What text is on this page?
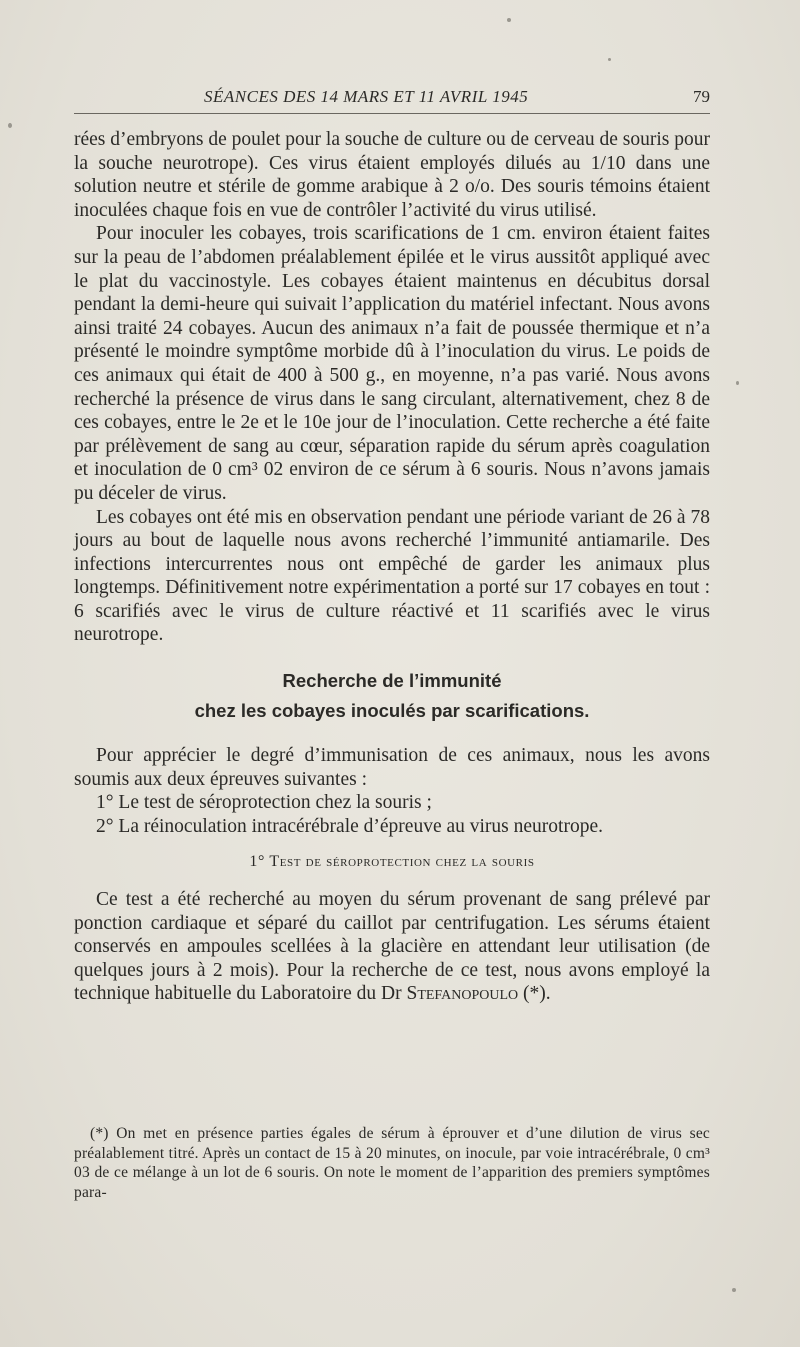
SÉANCES DES 14 MARS ET 11 AVRIL 1945	79

rées d’embryons de poulet pour la souche de culture ou de cerveau de souris pour la souche neurotrope). Ces virus étaient employés dilués au 1/10 dans une solution neutre et stérile de gomme arabique à 2 o/o. Des souris témoins étaient inoculées chaque fois en vue de contrôler l’activité du virus utilisé.

Pour inoculer les cobayes, trois scarifications de 1 cm. environ étaient faites sur la peau de l’abdomen préalablement épilée et le virus aussitôt appliqué avec le plat du vaccinostyle. Les cobayes étaient maintenus en décubitus dorsal pendant la demi-heure qui suivait l’application du matériel infectant. Nous avons ainsi traité 24 cobayes. Aucun des animaux n’a fait de poussée thermique et n’a présenté le moindre symptôme morbide dû à l’inoculation du virus. Le poids de ces animaux qui était de 400 à 500 g., en moyenne, n’a pas varié. Nous avons recherché la présence de virus dans le sang circulant, alternativement, chez 8 de ces cobayes, entre le 2e et le 10e jour de l’inoculation. Cette recherche a été faite par prélèvement de sang au cœur, séparation rapide du sérum après coagulation et inoculation de 0 cm³ 02 environ de ce sérum à 6 souris. Nous n’avons jamais pu déceler de virus.

Les cobayes ont été mis en observation pendant une période variant de 26 à 78 jours au bout de laquelle nous avons recherché l’immunité antiamarile. Des infections intercurrentes nous ont empêché de garder les animaux plus longtemps. Définitivement notre expérimentation a porté sur 17 cobayes en tout : 6 scarifiés avec le virus de culture réactivé et 11 scarifiés avec le virus neurotrope.

Recherche de l’immunité
chez les cobayes inoculés par scarifications.

Pour apprécier le degré d’immunisation de ces animaux, nous les avons soumis aux deux épreuves suivantes :

1° Le test de séroprotection chez la souris ;

2° La réinoculation intracérébrale d’épreuve au virus neurotrope.

1° Test de séroprotection chez la souris

Ce test a été recherché au moyen du sérum provenant de sang prélevé par ponction cardiaque et séparé du caillot par centrifugation. Les sérums étaient conservés en ampoules scellées à la glacière en attendant leur utilisation (de quelques jours à 2 mois). Pour la recherche de ce test, nous avons employé la technique habituelle du Laboratoire du Dr Stefanopoulo (*).

(*) On met en présence parties égales de sérum à éprouver et d’une dilution de virus sec préalablement titré. Après un contact de 15 à 20 minutes, on inocule, par voie intracérébrale, 0 cm³ 03 de ce mélange à un lot de 6 souris. On note le moment de l’apparition des premiers symptômes para-
